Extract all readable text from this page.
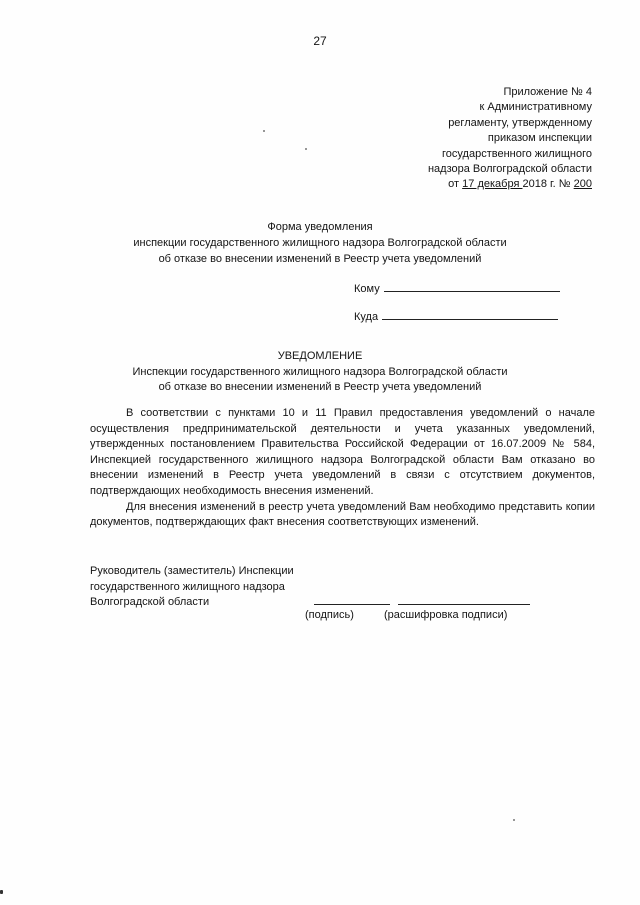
27
Приложение № 4
к Административному
регламенту, утвержденному
приказом инспекции
государственного жилищного
надзора Волгоградской области
от 17 декабря 2018 г. № 200
Форма уведомления
инспекции государственного жилищного надзора Волгоградской области
об отказе во внесении изменений в Реестр учета уведомлений
Кому
Куда
УВЕДОМЛЕНИЕ
Инспекции государственного жилищного надзора Волгоградской области
об отказе во внесении изменений в Реестр учета уведомлений

В соответствии с пунктами 10 и 11 Правил предоставления уведомлений о начале осуществления предпринимательской деятельности и учета указанных уведомлений, утвержденных постановлением Правительства Российской Федерации от 16.07.2009 № 584, Инспекцией государственного жилищного надзора Волгоградской области Вам отказано во внесении изменений в Реестр учета уведомлений в связи с отсутствием документов, подтверждающих необходимость внесения изменений.

Для внесения изменений в реестр учета уведомлений Вам необходимо представить копии документов, подтверждающих факт внесения соответствующих изменений.

Руководитель (заместитель) Инспекции
государственного жилищного надзора
Волгоградской области
(подпись)	(расшифровка подписи)
